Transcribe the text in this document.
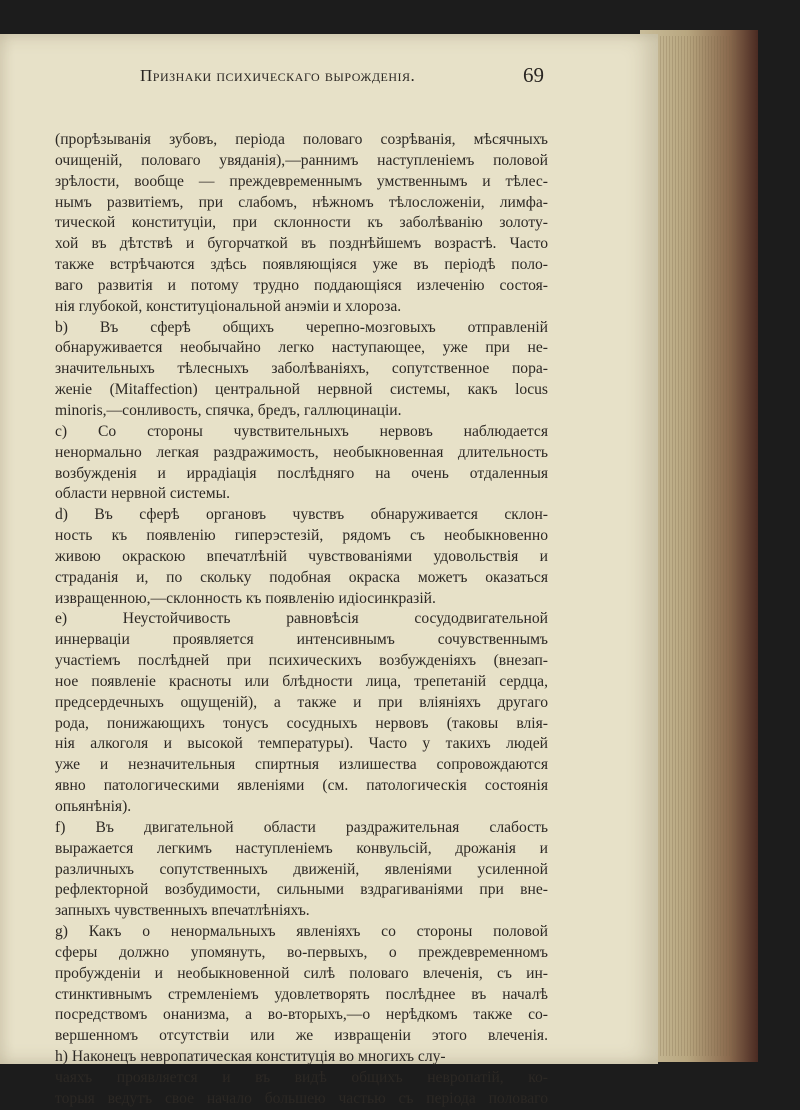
Признаки психическаго вырожденія.	69
(прорѣзыванія зубовъ, періода половаго созрѣванія, мѣсячныхъ
очищеній, половаго увяданія),—раннимъ наступленіемъ половой
зрѣлости, вообще — преждевременнымъ умственнымъ и тѣлес-
нымъ развитіемъ, при слабомъ, нѣжномъ тѣлосложеніи, лимфа-
тической конституціи, при склонности къ заболѣванію золоту-
хой въ дѣтствѣ и бугорчаткой въ позднѣйшемъ возрастѣ. Часто
также встрѣчаются здѣсь появляющіяся уже въ періодѣ поло-
ваго развитія и потому трудно поддающіяся излеченію состоя-
нія глубокой, конституціональной анэміи и хлороза.
b) Въ сферѣ общихъ черепно-мозговыхъ отправленій
обнаруживается необычайно легко наступающее, уже при не-
значительныхъ тѣлесныхъ заболѣваніяхъ, сопутственное пора-
женіе (Mitaffection) центральной нервной системы, какъ locus
minoris,—сонливость, спячка, бредъ, галлюцинаціи.
c) Со стороны чувствительныхъ нервовъ наблюдается
ненормально легкая раздражимость, необыкновенная длительность
возбужденія и иррадіація послѣдняго на очень отдаленныя
области нервной системы.
d) Въ сферѣ органовъ чувствъ обнаруживается склон-
ность къ появленію гиперэстезій, рядомъ съ необыкновенно
живою окраскою впечатлѣній чувствованіями удовольствія и
страданія и, по скольку подобная окраска можетъ оказаться
извращенною,—склонность къ появленію идіосинкразій.
e) Неустойчивость равновѣсія сосудодвигательной
иннерваціи проявляется интенсивнымъ сочувственнымъ
участіемъ послѣдней при психическихъ возбужденіяхъ (внезап-
ное появленіе красноты или блѣдности лица, трепетаній сердца,
предсердечныхъ ощущеній), а также и при вліяніяхъ другаго
рода, понижающихъ тонусъ сосудныхъ нервовъ (таковы влія-
нія алкоголя и высокой температуры). Часто у такихъ людей
уже и незначительныя спиртныя излишества сопровождаются
явно патологическими явленіями (см. патологическія состоянія
опьянѣнія).
f) Въ двигательной области раздражительная слабость
выражается легкимъ наступленіемъ конвульсій, дрожанія и
различныхъ сопутственныхъ движеній, явленіями усиленной
рефлекторной возбудимости, сильными вздрагиваніями при вне-
запныхъ чувственныхъ впечатлѣніяхъ.
g) Какъ о ненормальныхъ явленіяхъ со стороны половой
сферы должно упомянуть, во-первыхъ, о преждевременномъ
пробужденіи и необыкновенной силѣ половаго влеченія, съ ин-
стинктивнымъ стремленіемъ удовлетворять послѣднее въ началѣ
посредствомъ онанизма, а во-вторыхъ,—о нерѣдкомъ также со-
вершенномъ отсутствіи или же извращеніи этого влеченія.
h) Наконецъ невропатическая конституція во многихъ слу-
чаяхъ проявляется и въ видѣ общихъ невропатій, ко-
торыя ведутъ свое начало большею частью съ періода половаго
